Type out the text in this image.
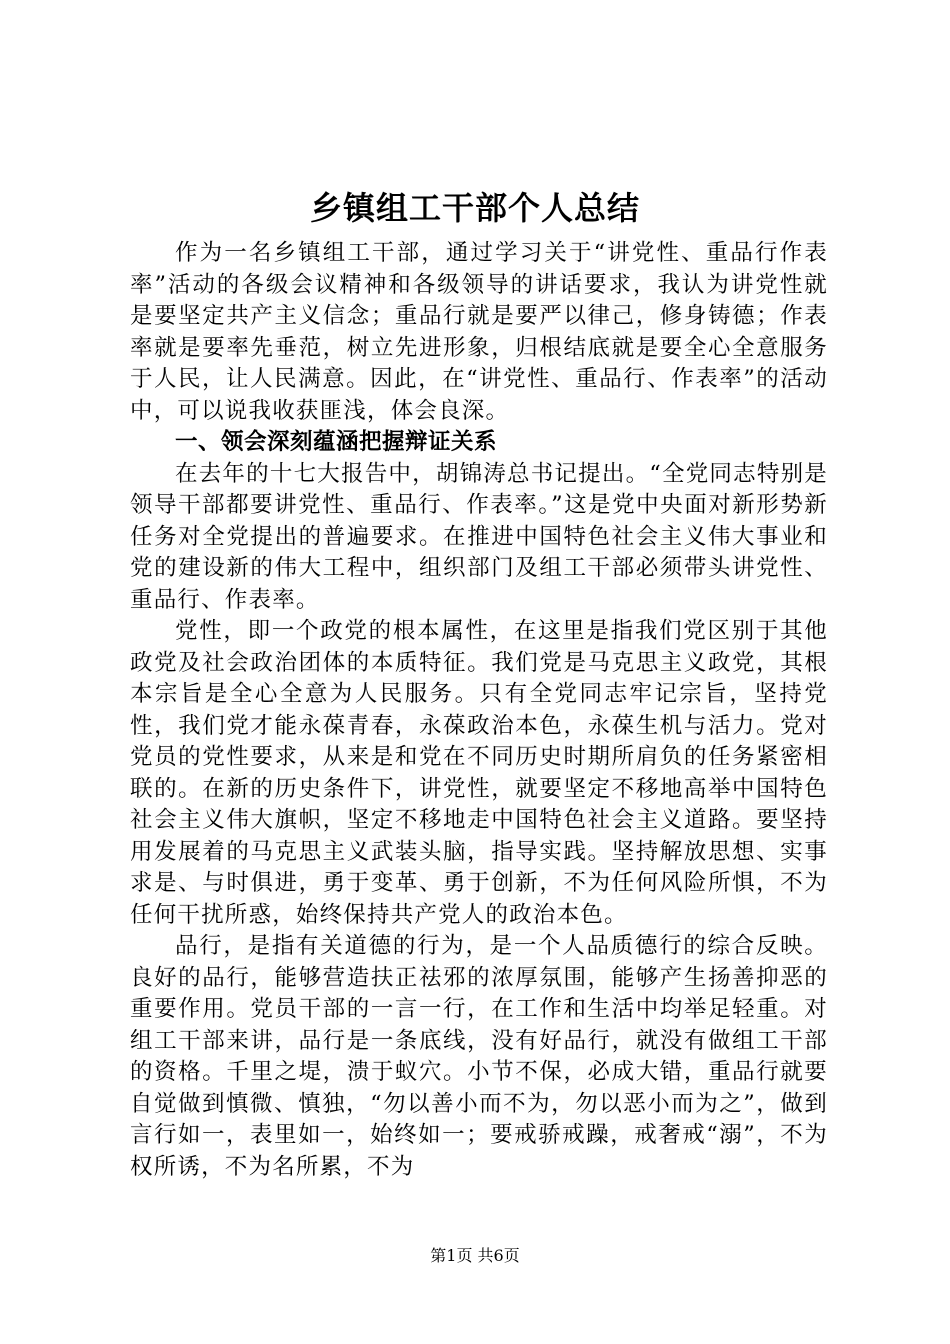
乡镇组工干部个人总结

作为一名乡镇组工干部，通过学习关于“讲党性、重品行作表率”活动的各级会议精神和各级领导的讲话要求，我认为讲党性就是要坚定共产主义信念；重品行就是要严以律己，修身铸德；作表率就是要率先垂范，树立先进形象，归根结底就是要全心全意服务于人民，让人民满意。因此，在“讲党性、重品行、作表率”的活动中，可以说我收获匪浅，体会良深。

一、领会深刻蕴涵把握辩证关系

在去年的十七大报告中，胡锦涛总书记提出。“全党同志特别是领导干部都要讲党性、重品行、作表率。”这是党中央面对新形势新任务对全党提出的普遍要求。在推进中国特色社会主义伟大事业和党的建设新的伟大工程中，组织部门及组工干部必须带头讲党性、重品行、作表率。

党性，即一个政党的根本属性，在这里是指我们党区别于其他政党及社会政治团体的本质特征。我们党是马克思主义政党，其根本宗旨是全心全意为人民服务。只有全党同志牢记宗旨，坚持党性，我们党才能永葆青春，永葆政治本色，永葆生机与活力。党对党员的党性要求，从来是和党在不同历史时期所肩负的任务紧密相联的。在新的历史条件下，讲党性，就要坚定不移地高举中国特色社会主义伟大旗帜，坚定不移地走中国特色社会主义道路。要坚持用发展着的马克思主义武装头脑，指导实践。坚持解放思想、实事求是、与时俱进，勇于变革、勇于创新，不为任何风险所惧，不为任何干扰所惑，始终保持共产党人的政治本色。

品行，是指有关道德的行为，是一个人品质德行的综合反映。良好的品行，能够营造扶正祛邪的浓厚氛围，能够产生扬善抑恶的重要作用。党员干部的一言一行，在工作和生活中均举足轻重。对组工干部来讲，品行是一条底线，没有好品行，就没有做组工干部的资格。千里之堤，溃于蚁穴。小节不保，必成大错，重品行就要自觉做到慎微、慎独，“勿以善小而不为，勿以恶小而为之”，做到言行如一，表里如一，始终如一；要戒骄戒躁，戒奢戒“溺”，不为权所诱，不为名所累，不为

第1页 共6页
